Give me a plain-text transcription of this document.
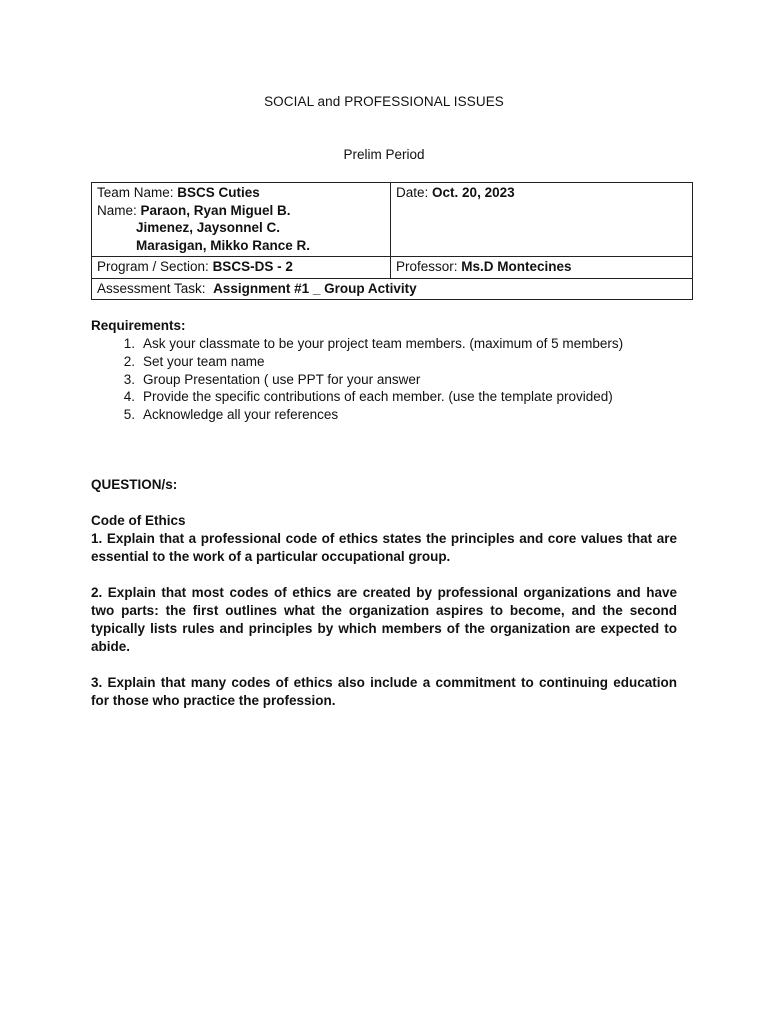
SOCIAL and PROFESSIONAL ISSUES
Prelim Period
Team Name: BSCS Cuties
Name: Paraon, Ryan Miguel B.
Jimenez, Jaysonnel C.
Marasigan, Mikko Rance R.	Date: Oct. 20, 2023
Program / Section: BSCS-DS - 2	Professor: Ms.D Montecines
Assessment Task: Assignment #1 _ Group Activity	
Requirements:
1. Ask your classmate to be your project team members. (maximum of 5 members)
2. Set your team name
3. Group Presentation ( use PPT for your answer
4. Provide the specific contributions of each member. (use the template provided)
5. Acknowledge all your references
QUESTION/s:
Code of Ethics

1. Explain that a professional code of ethics states the principles and core values that are essential to the work of a particular occupational group.

2. Explain that most codes of ethics are created by professional organizations and have two parts: the first outlines what the organization aspires to become, and the second typically lists rules and principles by which members of the organization are expected to abide.

3. Explain that many codes of ethics also include a commitment to continuing education for those who practice the profession.
